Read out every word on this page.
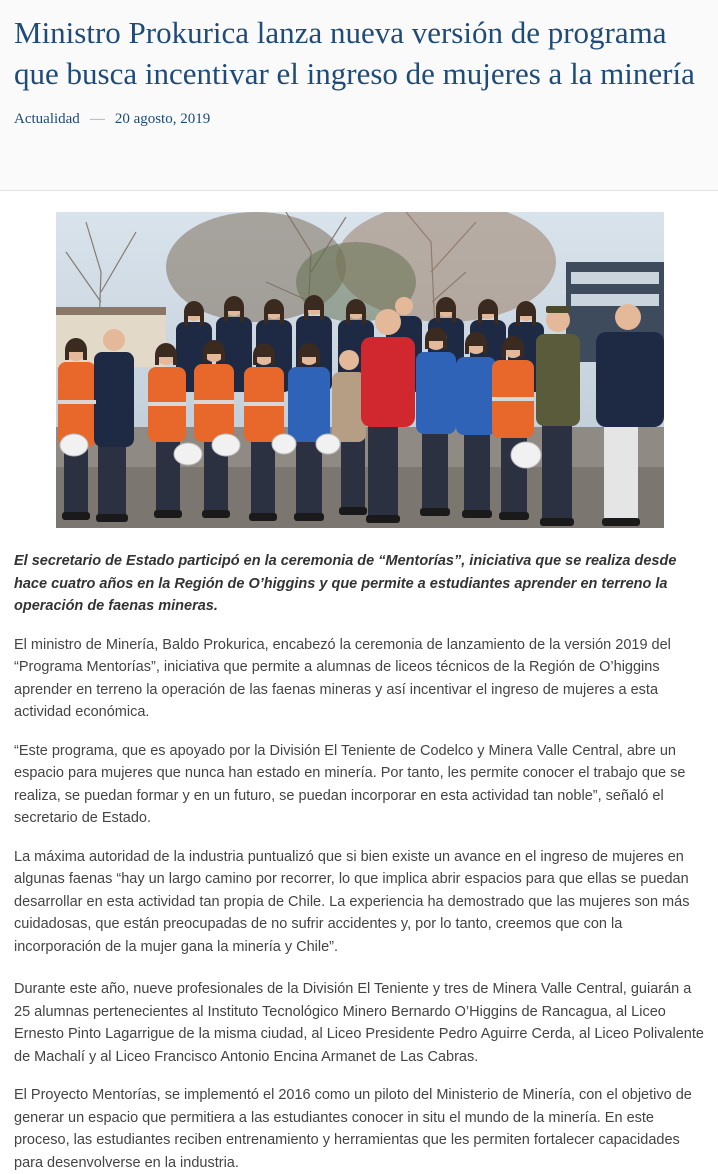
Ministro Prokurica lanza nueva versión de programa que busca incentivar el ingreso de mujeres a la minería
Actualidad — 20 agosto, 2019

El secretario de Estado participó en la ceremonia de “Mentorías”, iniciativa que se realiza desde hace cuatro años en la Región de O’higgins y que permite a estudiantes aprender en terreno la operación de faenas mineras.

El ministro de Minería, Baldo Prokurica, encabezó la ceremonia de lanzamiento de la versión 2019 del “Programa Mentorías”, iniciativa que permite a alumnas de liceos técnicos de la Región de O’higgins aprender en terreno la operación de las faenas mineras y así incentivar el ingreso de mujeres a esta actividad económica.

“Este programa, que es apoyado por la División El Teniente de Codelco y Minera Valle Central, abre un espacio para mujeres que nunca han estado en minería. Por tanto, les permite conocer el trabajo que se realiza, se puedan formar y en un futuro, se puedan incorporar en esta actividad tan noble”, señaló el secretario de Estado.

La máxima autoridad de la industria puntualizó que si bien existe un avance en el ingreso de mujeres en algunas faenas “hay un largo camino por recorrer, lo que implica abrir espacios para que ellas se puedan desarrollar en esta actividad tan propia de Chile. La experiencia ha demostrado que las mujeres son más cuidadosas, que están preocupadas de no sufrir accidentes y, por lo tanto, creemos que con la incorporación de la mujer gana la minería y Chile”.

Durante este año, nueve profesionales de la División El Teniente y tres de Minera Valle Central, guiarán a 25 alumnas pertenecientes al Instituto Tecnológico Minero Bernardo O’Higgins de Rancagua, al Liceo Ernesto Pinto Lagarrigue de la misma ciudad, al Liceo Presidente Pedro Aguirre Cerda, al Liceo Polivalente de Machalí y al Liceo Francisco Antonio Encina Armanet de Las Cabras.

El Proyecto Mentorías, se implementó el 2016 como un piloto del Ministerio de Minería, con el objetivo de generar un espacio que permitiera a las estudiantes conocer in situ el mundo de la minería. En este proceso, las estudiantes reciben entrenamiento y herramientas que les permiten fortalecer capacidades para desenvolverse en la industria.
